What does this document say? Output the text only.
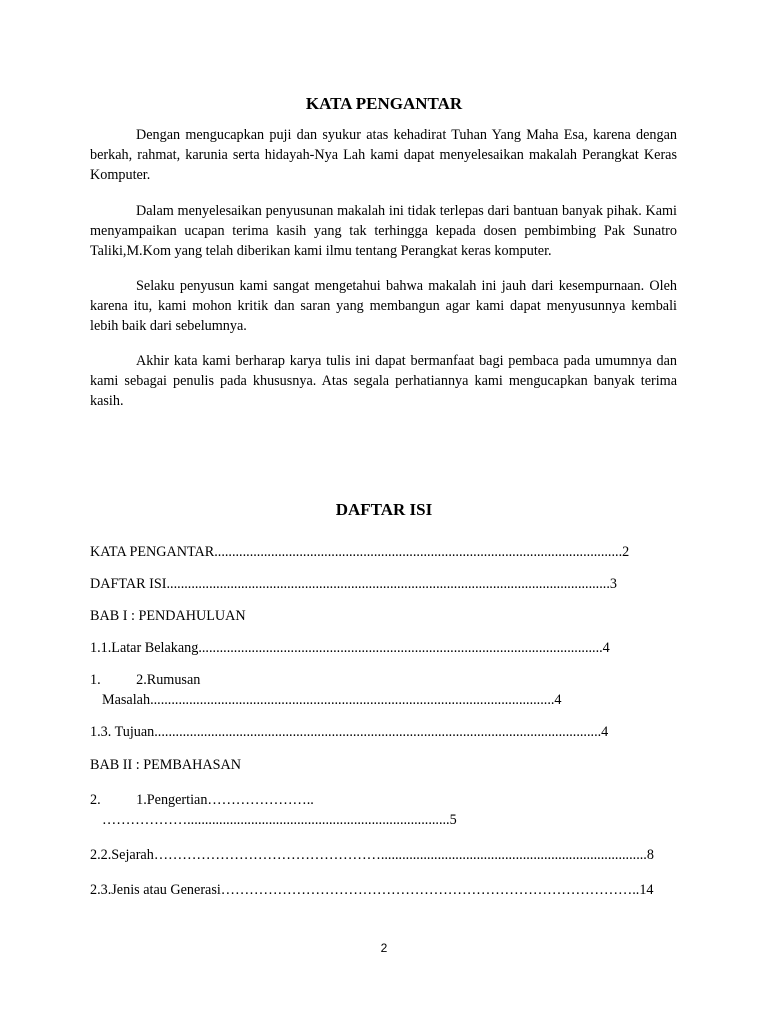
KATA PENGANTAR

Dengan mengucapkan puji dan syukur atas kehadirat Tuhan Yang Maha Esa, karena dengan berkah, rahmat, karunia serta hidayah-Nya Lah kami dapat menyelesaikan makalah Perangkat Keras Komputer.

Dalam menyelesaikan penyusunan makalah ini tidak terlepas dari bantuan banyak pihak. Kami menyampaikan ucapan terima kasih yang tak terhingga kepada dosen pembimbing Pak Sunatro Taliki,M.Kom yang telah diberikan kami ilmu tentang Perangkat keras komputer.

Selaku penyusun kami sangat mengetahui bahwa makalah ini jauh dari kesempurnaan. Oleh karena itu, kami mohon kritik dan saran yang membangun agar kami dapat menyusunnya kembali lebih baik dari sebelumnya.

Akhir kata kami berharap karya tulis ini dapat bermanfaat bagi pembaca pada umumnya dan kami sebagai penulis pada khususnya. Atas segala perhatiannya kami mengucapkan banyak terima kasih.

DAFTAR ISI

KATA PENGANTAR...................................................................................................................2

DAFTAR ISI.............................................................................................................................3

BAB I : PENDAHULUAN

1.1.Latar Belakang..................................................................................................................4

1.          2.Rumusan

Masalah..................................................................................................................4

1.3. Tujuan..............................................................................................................................4

BAB II : PEMBAHASAN

2.          1.Pengertian…………………..

………………..........................................................................5

2.2.Sejarah…………………………………………...........................................................................8

2.3.Jenis atau Generasi……………………………………………………………………………..14

2
